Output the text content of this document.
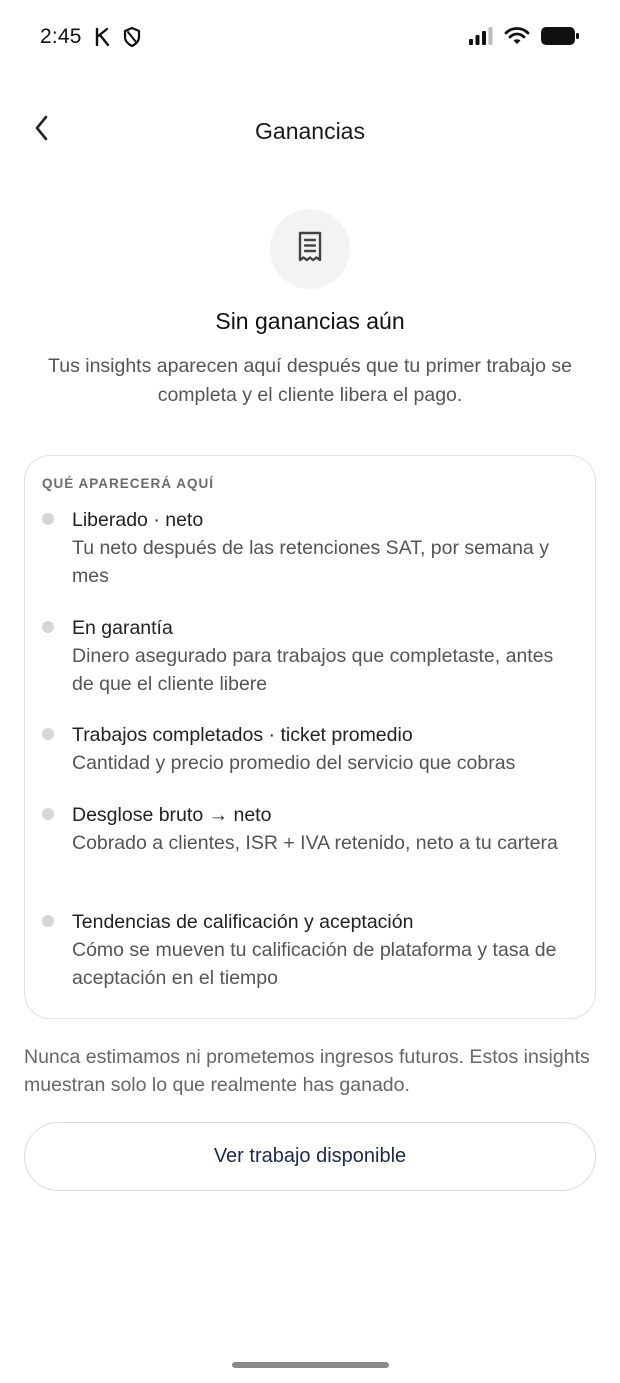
2:45
Ganancias
Sin ganancias aún
Tus insights aparecen aquí después que tu primer trabajo se completa y el cliente libera el pago.
QUÉ APARECERÁ AQUÍ
Liberado · neto
Tu neto después de las retenciones SAT, por semana y mes
En garantía
Dinero asegurado para trabajos que completaste, antes de que el cliente libere
Trabajos completados · ticket promedio
Cantidad y precio promedio del servicio que cobras
Desglose bruto → neto
Cobrado a clientes, ISR + IVA retenido, neto a tu cartera
Tendencias de calificación y aceptación
Cómo se mueven tu calificación de plataforma y tasa de aceptación en el tiempo
Nunca estimamos ni prometemos ingresos futuros. Estos insights muestran solo lo que realmente has ganado.
Ver trabajo disponible
